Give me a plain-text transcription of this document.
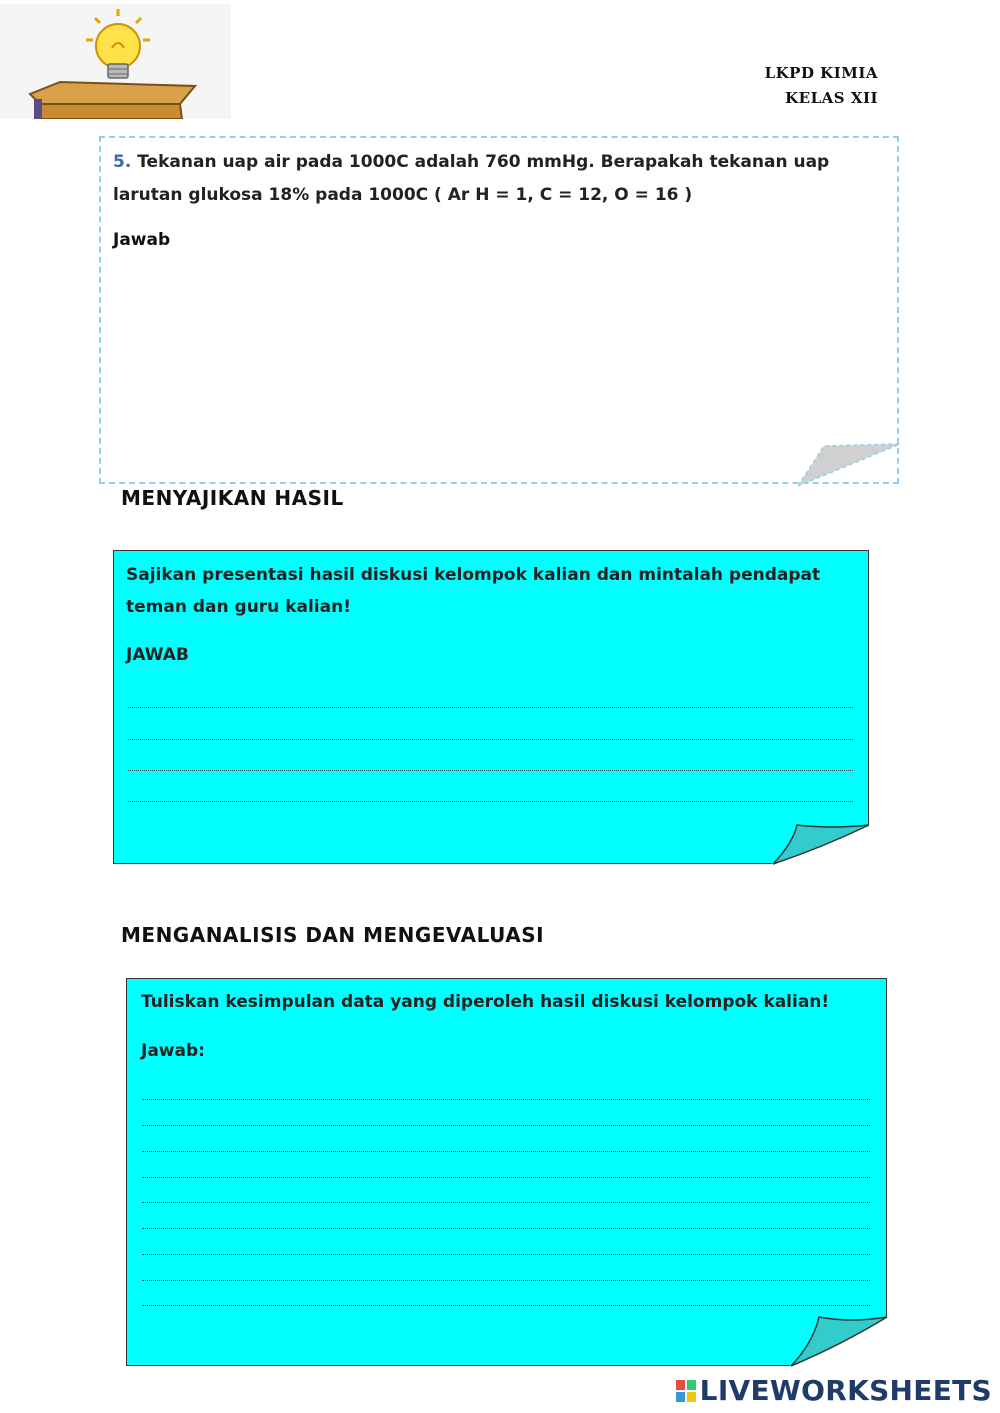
LKPD KIMIA
KELAS XII
5. Tekanan uap air pada 1000C adalah 760 mmHg. Berapakah tekanan uap larutan glukosa 18% pada 1000C ( Ar H = 1, C = 12, O = 16 )
Jawab
MENYAJIKAN HASIL
Sajikan presentasi hasil diskusi kelompok kalian dan mintalah pendapat teman dan guru kalian!
JAWAB
MENGANALISIS DAN MENGEVALUASI
Tuliskan kesimpulan data yang diperoleh hasil diskusi kelompok kalian!
Jawab:
LIVEWORKSHEETS
